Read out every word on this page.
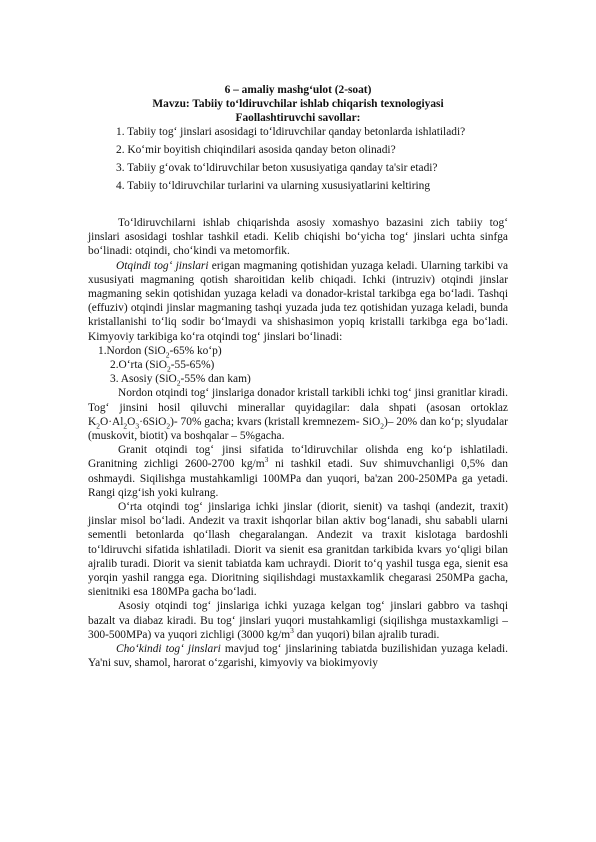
6 – amaliy mashg‘ulot (2-soat)
Mavzu: Tabiiy to‘ldiruvchilar ishlab chiqarish texnologiyasi
Faollashtiruvchi savollar:
1. Tabiiy tog‘ jinslari asosidagi to‘ldiruvchilar qanday betonlarda ishlatiladi?
2. Ko‘mir boyitish chiqindilari asosida qanday beton olinadi?
3. Tabiiy g‘ovak to‘ldiruvchilar beton xususiyatiga qanday ta'sir etadi?
4. Tabiiy to‘ldiruvchilar turlarini va ularning xususiyatlarini keltiring

To‘ldiruvchilarni ishlab chiqarishda asosiy xomashyo bazasini zich tabiiy tog‘ jinslari asosidagi toshlar tashkil etadi. Kelib chiqishi bo‘yicha tog‘ jinslari uchta sinfga bo‘linadi: otqindi, cho‘kindi va metomorfik.

Otqindi tog‘ jinslari erigan magmaning qotishidan yuzaga keladi. Ularning tarkibi va xususiyati magmaning qotish sharoitidan kelib chiqadi. Ichki (intruziv) otqindi jinslar magmaning sekin qotishidan yuzaga keladi va donador-kristal tarkibga ega bo‘ladi. Tashqi (effuziv) otqindi jinslar magmaning tashqi yuzada juda tez qotishidan yuzaga keladi, bunda kristallanishi to‘liq sodir bo‘lmaydi va shishasimon yopiq kristalli tarkibga ega bo‘ladi. Kimyoviy tarkibiga ko‘ra otqindi tog‘ jinslari bo‘linadi:

1.Nordon (SiO$_2$-65% ko‘p)

2.O‘rta (SiO$_2$-55-65%)

3. Asosiy (SiO$_2$-55% dan kam)

Nordon otqindi tog‘ jinslariga donador kristall tarkibli ichki tog‘ jinsi granitlar kiradi. Tog‘ jinsini hosil qiluvchi minerallar quyidagilar: dala shpati (asosan ortoklaz $K_2O\cdot Al_2O_3\cdot 6SiO_2)-$ 70% gacha; kvars (kristall kremnezem- SiO$_2$)– 20% dan ko‘p; slyudalar (muskovit, biotit) va boshqalar – 5%gacha.

Granit otqindi tog‘ jinsi sifatida to‘ldiruvchilar olishda eng ko‘p ishlatiladi. Granitning zichligi 2600-2700 $kg/m^3$ ni tashkil etadi. Suv shimuvchanligi 0,5% dan oshmaydi. Siqilishga mustahkamligi 100MPa dan yuqori, ba'zan 200-250MPa ga yetadi. Rangi qizg‘ish yoki kulrang.

O‘rta otqindi tog‘ jinslariga ichki jinslar (diorit, sienit) va tashqi (andezit, traxit) jinslar misol bo‘ladi. Andezit va traxit ishqorlar bilan aktiv bog‘lanadi, shu sababli ularni sementli betonlarda qo‘llash chegaralangan. Andezit va traxit kislotaga bardoshli to‘ldiruvchi sifatida ishlatiladi. Diorit va sienit esa granitdan tarkibida kvars yo‘qligi bilan ajralib turadi. Diorit va sienit tabiatda kam uchraydi. Diorit to‘q yashil tusga ega, sienit esa yorqin yashil rangga ega. Dioritning siqilishdagi mustaxkamlik chegarasi 250MPa gacha, sienitniki esa 180MPa gacha bo‘ladi.

Asosiy otqindi tog‘ jinslariga ichki yuzaga kelgan tog‘ jinslari gabbro va tashqi bazalt va diabaz kiradi. Bu tog‘ jinslari yuqori mustahkamligi (siqilishga mustaxkamligi – 300-500MPa) va yuqori zichligi (3000 $kg/m^3$ dan yuqori) bilan ajralib turadi.

Cho‘kindi tog‘ jinslari mavjud tog‘ jinslarining tabiatda buzilishidan yuzaga keladi. Ya'ni suv, shamol, harorat o‘zgarishi, kimyoviy va biokimyoviy
